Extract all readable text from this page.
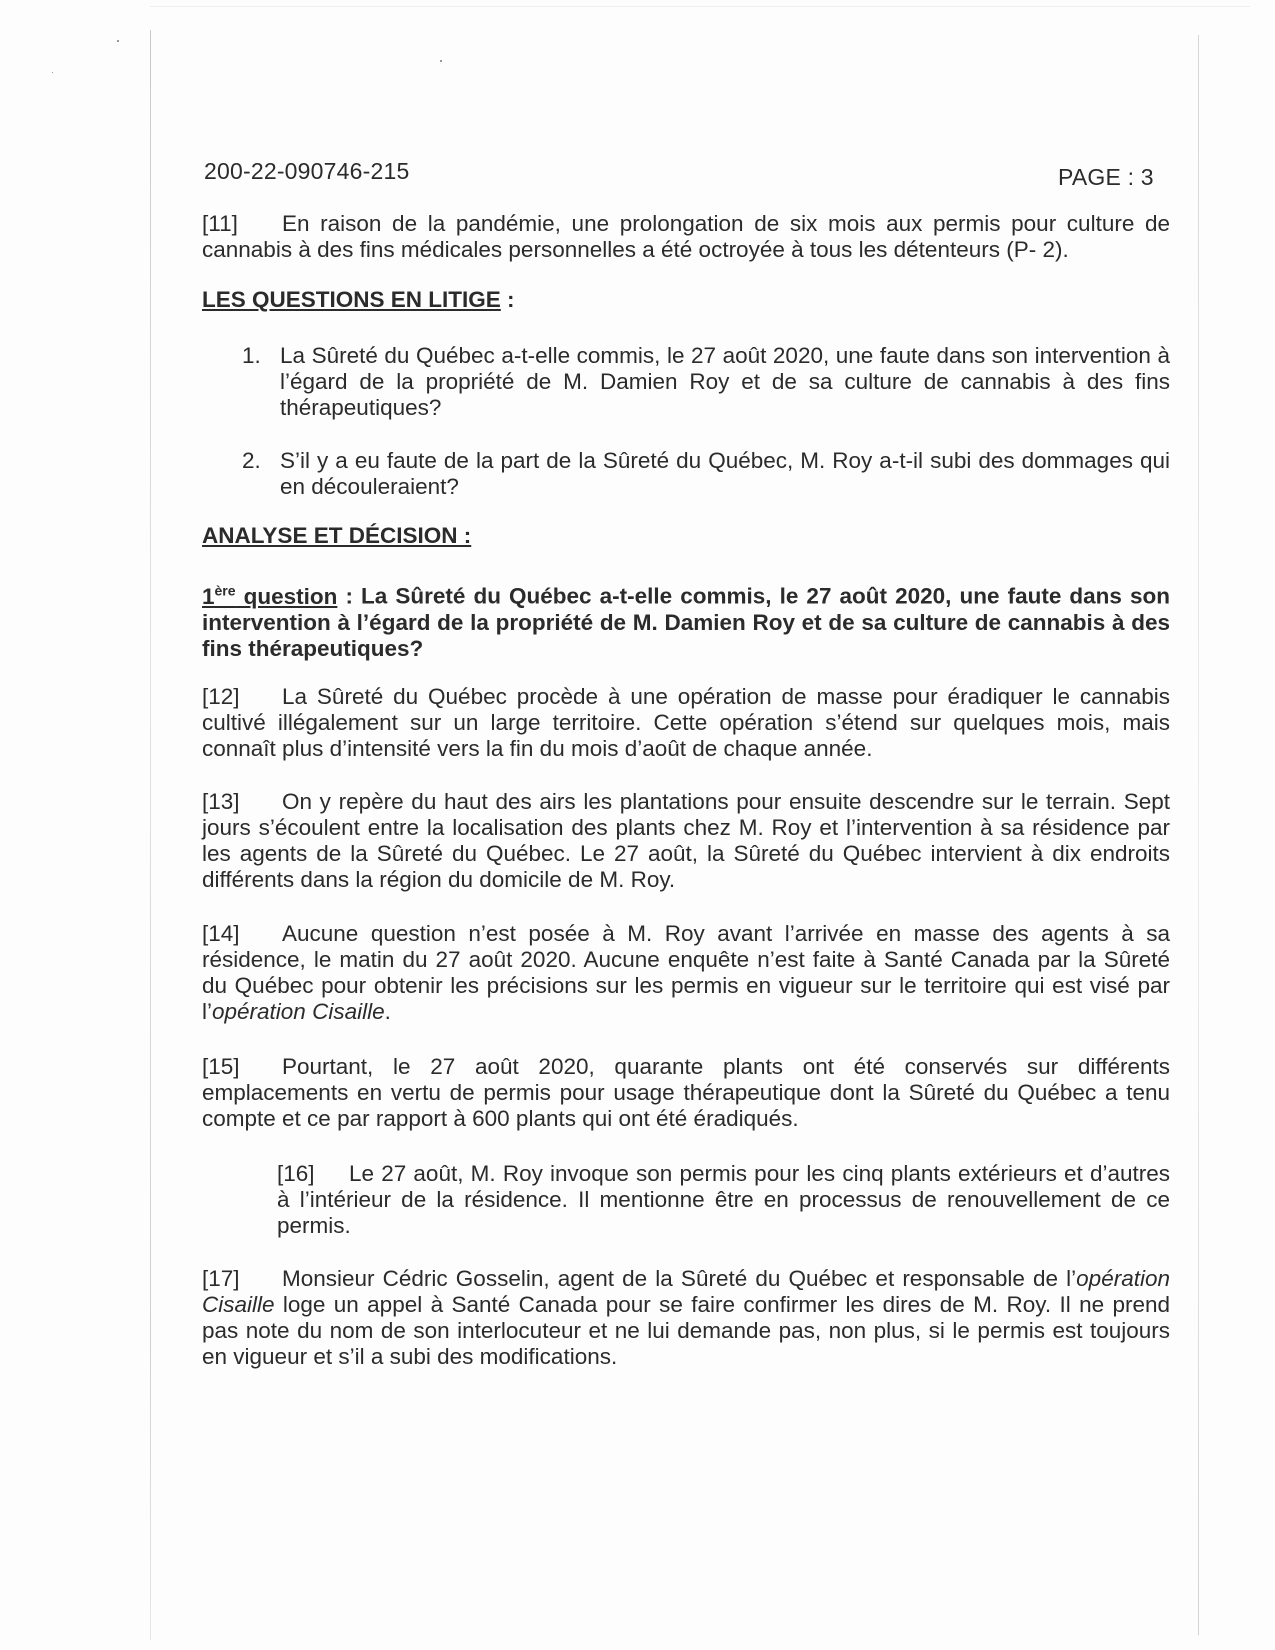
200-22-090746-215	PAGE : 3
[11] En raison de la pandémie, une prolongation de six mois aux permis pour culture de cannabis à des fins médicales personnelles a été octroyée à tous les détenteurs (P- 2).
LES QUESTIONS EN LITIGE :
1. La Sûreté du Québec a-t-elle commis, le 27 août 2020, une faute dans son intervention à l’égard de la propriété de M. Damien Roy et de sa culture de cannabis à des fins thérapeutiques?
2. S’il y a eu faute de la part de la Sûreté du Québec, M. Roy a-t-il subi des dommages qui en découleraient?
ANALYSE ET DÉCISION :
1ère question : La Sûreté du Québec a-t-elle commis, le 27 août 2020, une faute dans son intervention à l’égard de la propriété de M. Damien Roy et de sa culture de cannabis à des fins thérapeutiques?
[12] La Sûreté du Québec procède à une opération de masse pour éradiquer le cannabis cultivé illégalement sur un large territoire. Cette opération s’étend sur quelques mois, mais connaît plus d’intensité vers la fin du mois d’août de chaque année.
[13] On y repère du haut des airs les plantations pour ensuite descendre sur le terrain. Sept jours s’écoulent entre la localisation des plants chez M. Roy et l’intervention à sa résidence par les agents de la Sûreté du Québec. Le 27 août, la Sûreté du Québec intervient à dix endroits différents dans la région du domicile de M. Roy.
[14] Aucune question n’est posée à M. Roy avant l’arrivée en masse des agents à sa résidence, le matin du 27 août 2020. Aucune enquête n’est faite à Santé Canada par la Sûreté du Québec pour obtenir les précisions sur les permis en vigueur sur le territoire qui est visé par l’opération Cisaille.
[15] Pourtant, le 27 août 2020, quarante plants ont été conservés sur différents emplacements en vertu de permis pour usage thérapeutique dont la Sûreté du Québec a tenu compte et ce par rapport à 600 plants qui ont été éradiqués.
[16] Le 27 août, M. Roy invoque son permis pour les cinq plants extérieurs et d’autres à l’intérieur de la résidence. Il mentionne être en processus de renouvellement de ce permis.
[17] Monsieur Cédric Gosselin, agent de la Sûreté du Québec et responsable de l’opération Cisaille loge un appel à Santé Canada pour se faire confirmer les dires de M. Roy. Il ne prend pas note du nom de son interlocuteur et ne lui demande pas, non plus, si le permis est toujours en vigueur et s’il a subi des modifications.
